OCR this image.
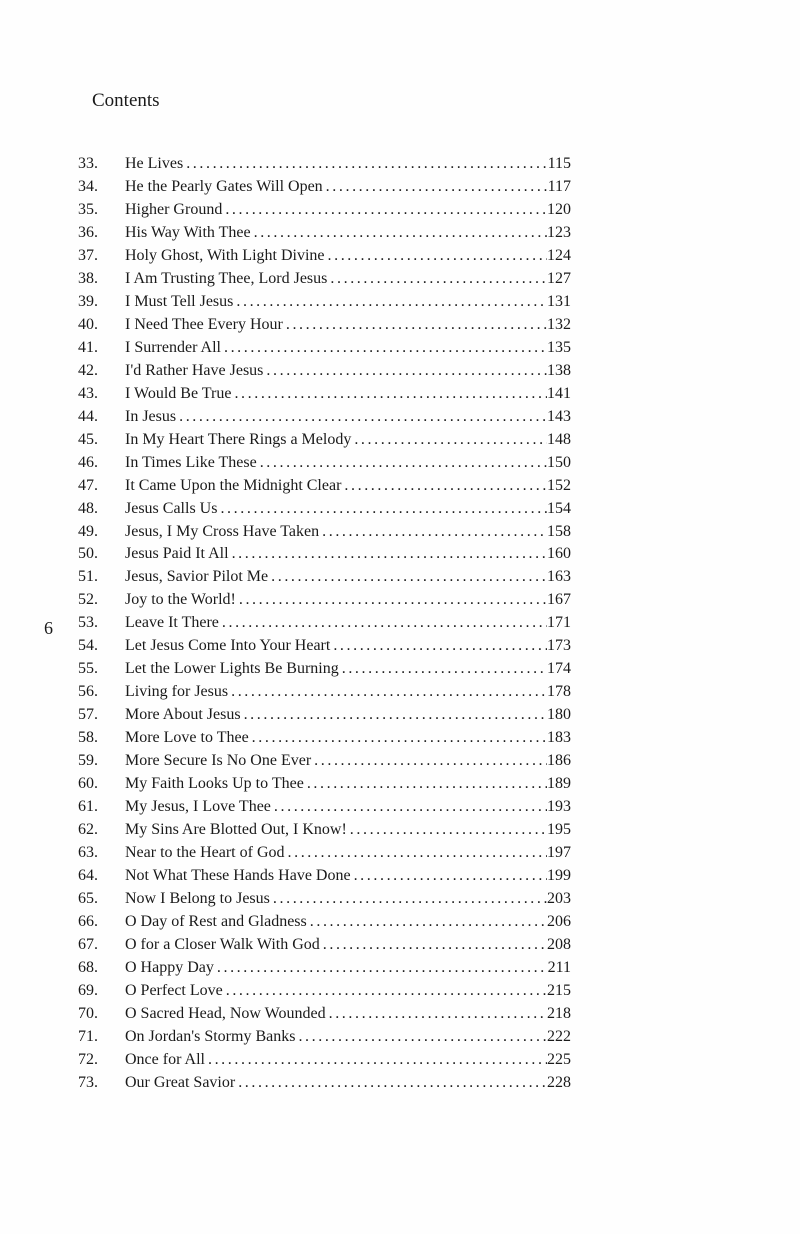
Contents
6
33.	He Lives .....	115
34.	He the Pearly Gates Will Open .....	117
35.	Higher Ground .....	120
36.	His Way With Thee .....	123
37.	Holy Ghost, With Light Divine .....	124
38.	I Am Trusting Thee, Lord Jesus .....	127
39.	I Must Tell Jesus .....	131
40.	I Need Thee Every Hour .....	132
41.	I Surrender All .....	135
42.	I'd Rather Have Jesus .....	138
43.	I Would Be True .....	141
44.	In Jesus .....	143
45.	In My Heart There Rings a Melody .....	148
46.	In Times Like These .....	150
47.	It Came Upon the Midnight Clear .....	152
48.	Jesus Calls Us .....	154
49.	Jesus, I My Cross Have Taken .....	158
50.	Jesus Paid It All .....	160
51.	Jesus, Savior Pilot Me .....	163
52.	Joy to the World! .....	167
53.	Leave It There .....	171
54.	Let Jesus Come Into Your Heart .....	173
55.	Let the Lower Lights Be Burning .....	174
56.	Living for Jesus .....	178
57.	More About Jesus .....	180
58.	More Love to Thee .....	183
59.	More Secure Is No One Ever .....	186
60.	My Faith Looks Up to Thee .....	189
61.	My Jesus, I Love Thee .....	193
62.	My Sins Are Blotted Out, I Know! .....	195
63.	Near to the Heart of God .....	197
64.	Not What These Hands Have Done .....	199
65.	Now I Belong to Jesus .....	203
66.	O Day of Rest and Gladness .....	206
67.	O for a Closer Walk With God .....	208
68.	O Happy Day .....	211
69.	O Perfect Love .....	215
70.	O Sacred Head, Now Wounded .....	218
71.	On Jordan's Stormy Banks .....	222
72.	Once for All .....	225
73.	Our Great Savior .....	228
